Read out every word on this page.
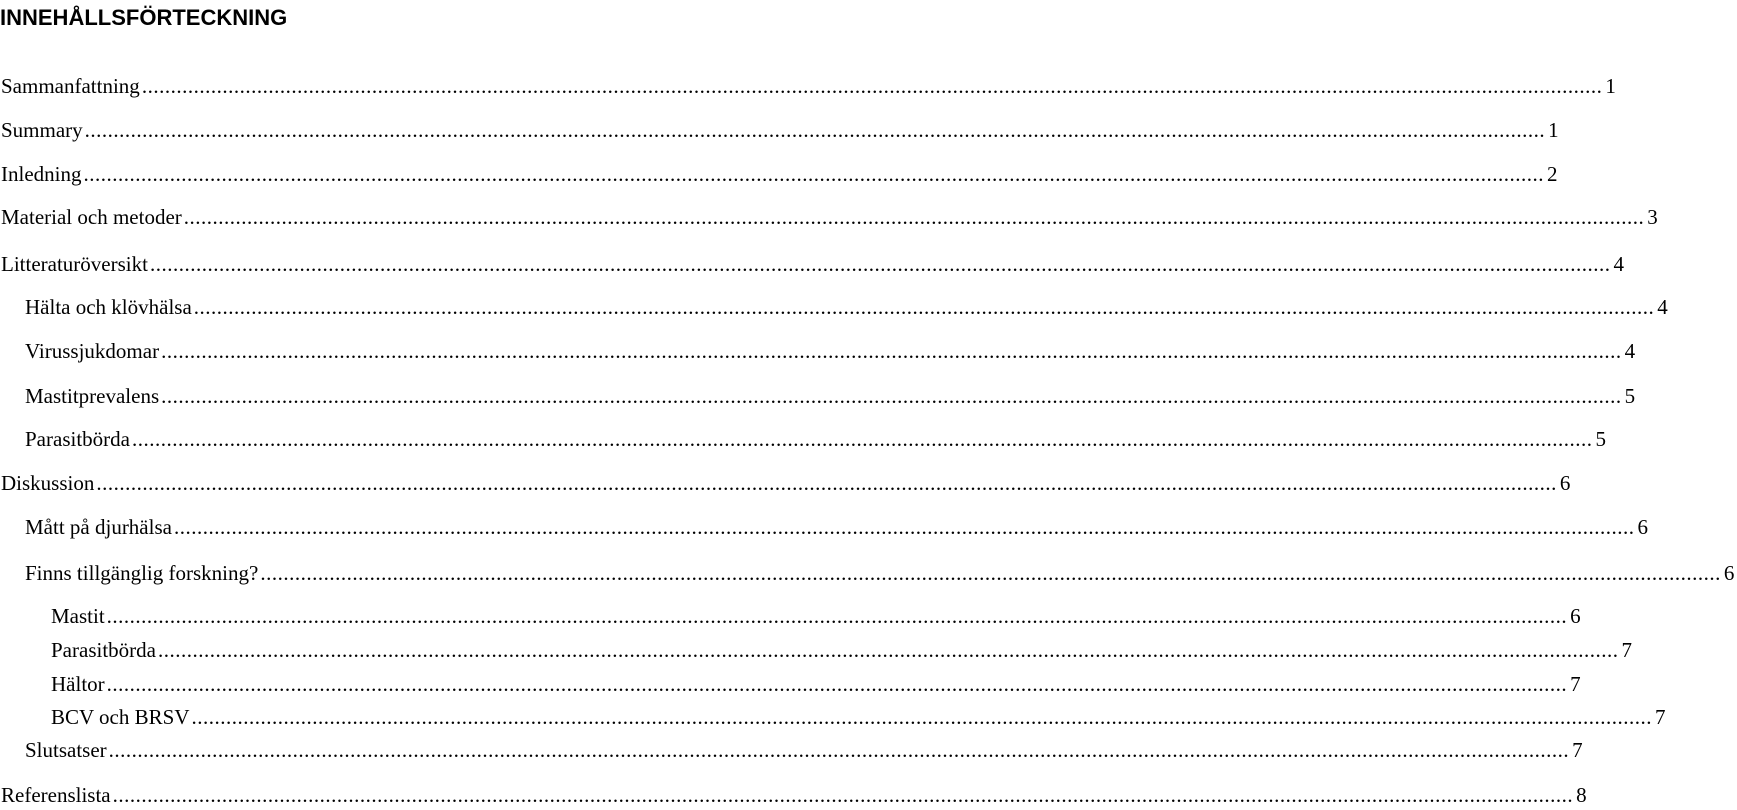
INNEHÅLLSFÖRTECKNING
Sammanfattning .............................................................................................................................................................................................................................................................. 1
Summary .............................................................................................................................................................................................................................................................. 1
Inledning .............................................................................................................................................................................................................................................................. 2
Material och metoder .............................................................................................................................................................................................................................................................. 3
Litteraturöversikt .............................................................................................................................................................................................................................................................. 4
Hälta och klövhälsa .............................................................................................................................................................................................................................................................. 4
Virussjukdomar .............................................................................................................................................................................................................................................................. 4
Mastitprevalens .............................................................................................................................................................................................................................................................. 5
Parasitbörda .............................................................................................................................................................................................................................................................. 5
Diskussion .............................................................................................................................................................................................................................................................. 6
Mått på djurhälsa .............................................................................................................................................................................................................................................................. 6
Finns tillgänglig forskning? .............................................................................................................................................................................................................................................................. 6
Mastit .............................................................................................................................................................................................................................................................. 6
Parasitbörda .............................................................................................................................................................................................................................................................. 7
Hältor .............................................................................................................................................................................................................................................................. 7
BCV och BRSV .............................................................................................................................................................................................................................................................. 7
Slutsatser .............................................................................................................................................................................................................................................................. 7
Referenslista .............................................................................................................................................................................................................................................................. 8
